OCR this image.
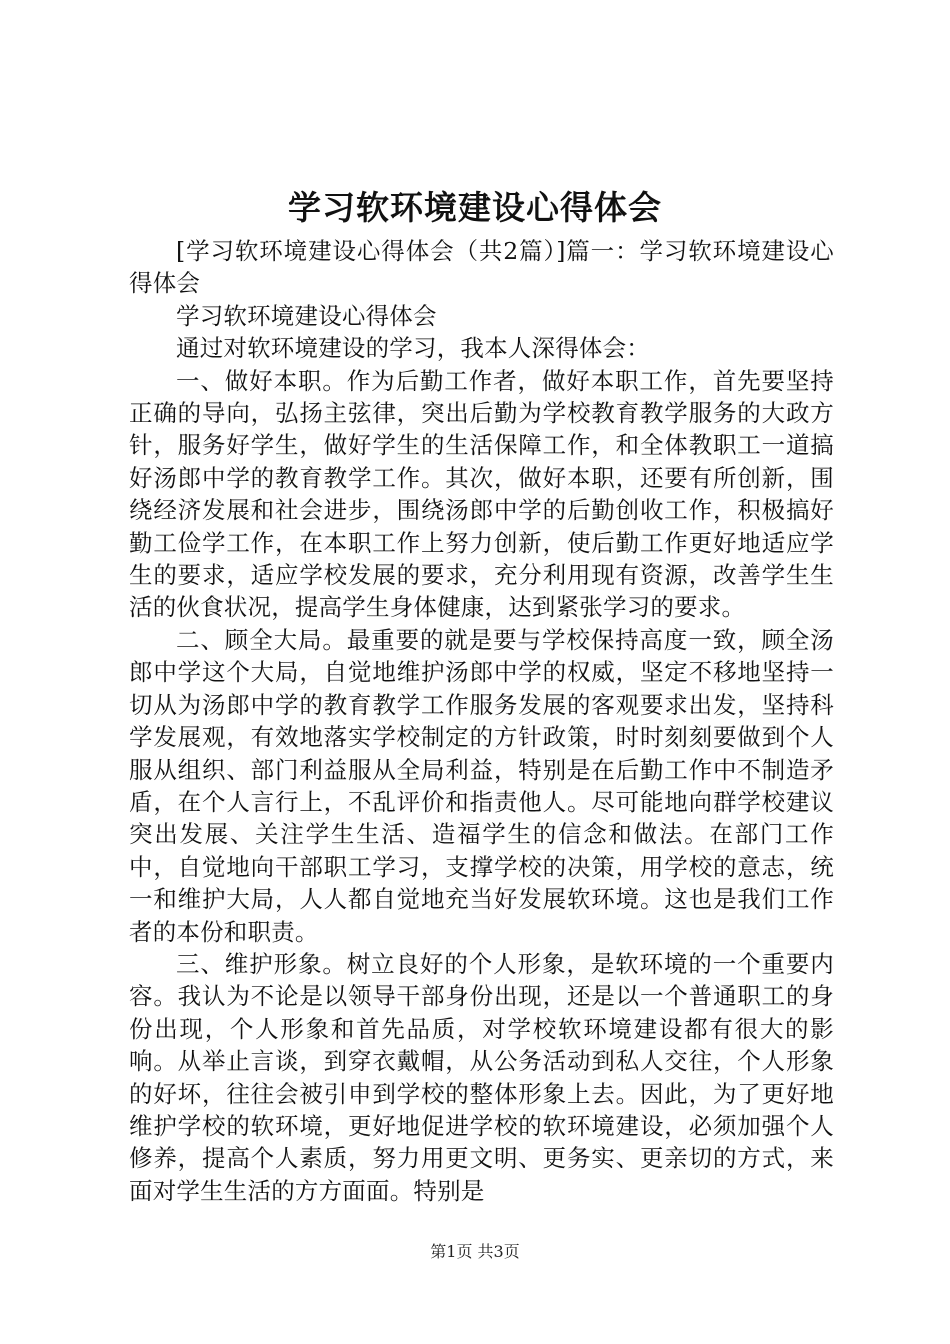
学习软环境建设心得体会

[学习软环境建设心得体会（共2篇）]篇一：学习软环境建设心得体会

学习软环境建设心得体会

通过对软环境建设的学习，我本人深得体会：

一、做好本职。作为后勤工作者，做好本职工作，首先要坚持正确的导向，弘扬主弦律，突出后勤为学校教育教学服务的大政方针，服务好学生，做好学生的生活保障工作，和全体教职工一道搞好汤郎中学的教育教学工作。其次，做好本职，还要有所创新，围绕经济发展和社会进步，围绕汤郎中学的后勤创收工作，积极搞好勤工俭学工作，在本职工作上努力创新，使后勤工作更好地适应学生的要求，适应学校发展的要求，充分利用现有资源，改善学生生活的伙食状况，提高学生身体健康，达到紧张学习的要求。

二、顾全大局。最重要的就是要与学校保持高度一致，顾全汤郎中学这个大局，自觉地维护汤郎中学的权威，坚定不移地坚持一切从为汤郎中学的教育教学工作服务发展的客观要求出发，坚持科学发展观，有效地落实学校制定的方针政策，时时刻刻要做到个人服从组织、部门利益服从全局利益，特别是在后勤工作中不制造矛盾，在个人言行上，不乱评价和指责他人。尽可能地向群学校建议突出发展、关注学生生活、造福学生的信念和做法。在部门工作中，自觉地向干部职工学习，支撑学校的决策，用学校的意志，统一和维护大局，人人都自觉地充当好发展软环境。这也是我们工作者的本份和职责。

三、维护形象。树立良好的个人形象，是软环境的一个重要内容。我认为不论是以领导干部身份出现，还是以一个普通职工的身份出现，个人形象和首先品质，对学校软环境建设都有很大的影响。从举止言谈，到穿衣戴帽，从公务活动到私人交往，个人形象的好坏，往往会被引申到学校的整体形象上去。因此，为了更好地维护学校的软环境，更好地促进学校的软环境建设，必须加强个人修养，提高个人素质，努力用更文明、更务实、更亲切的方式，来面对学生生活的方方面面。特别是

第1页 共3页
